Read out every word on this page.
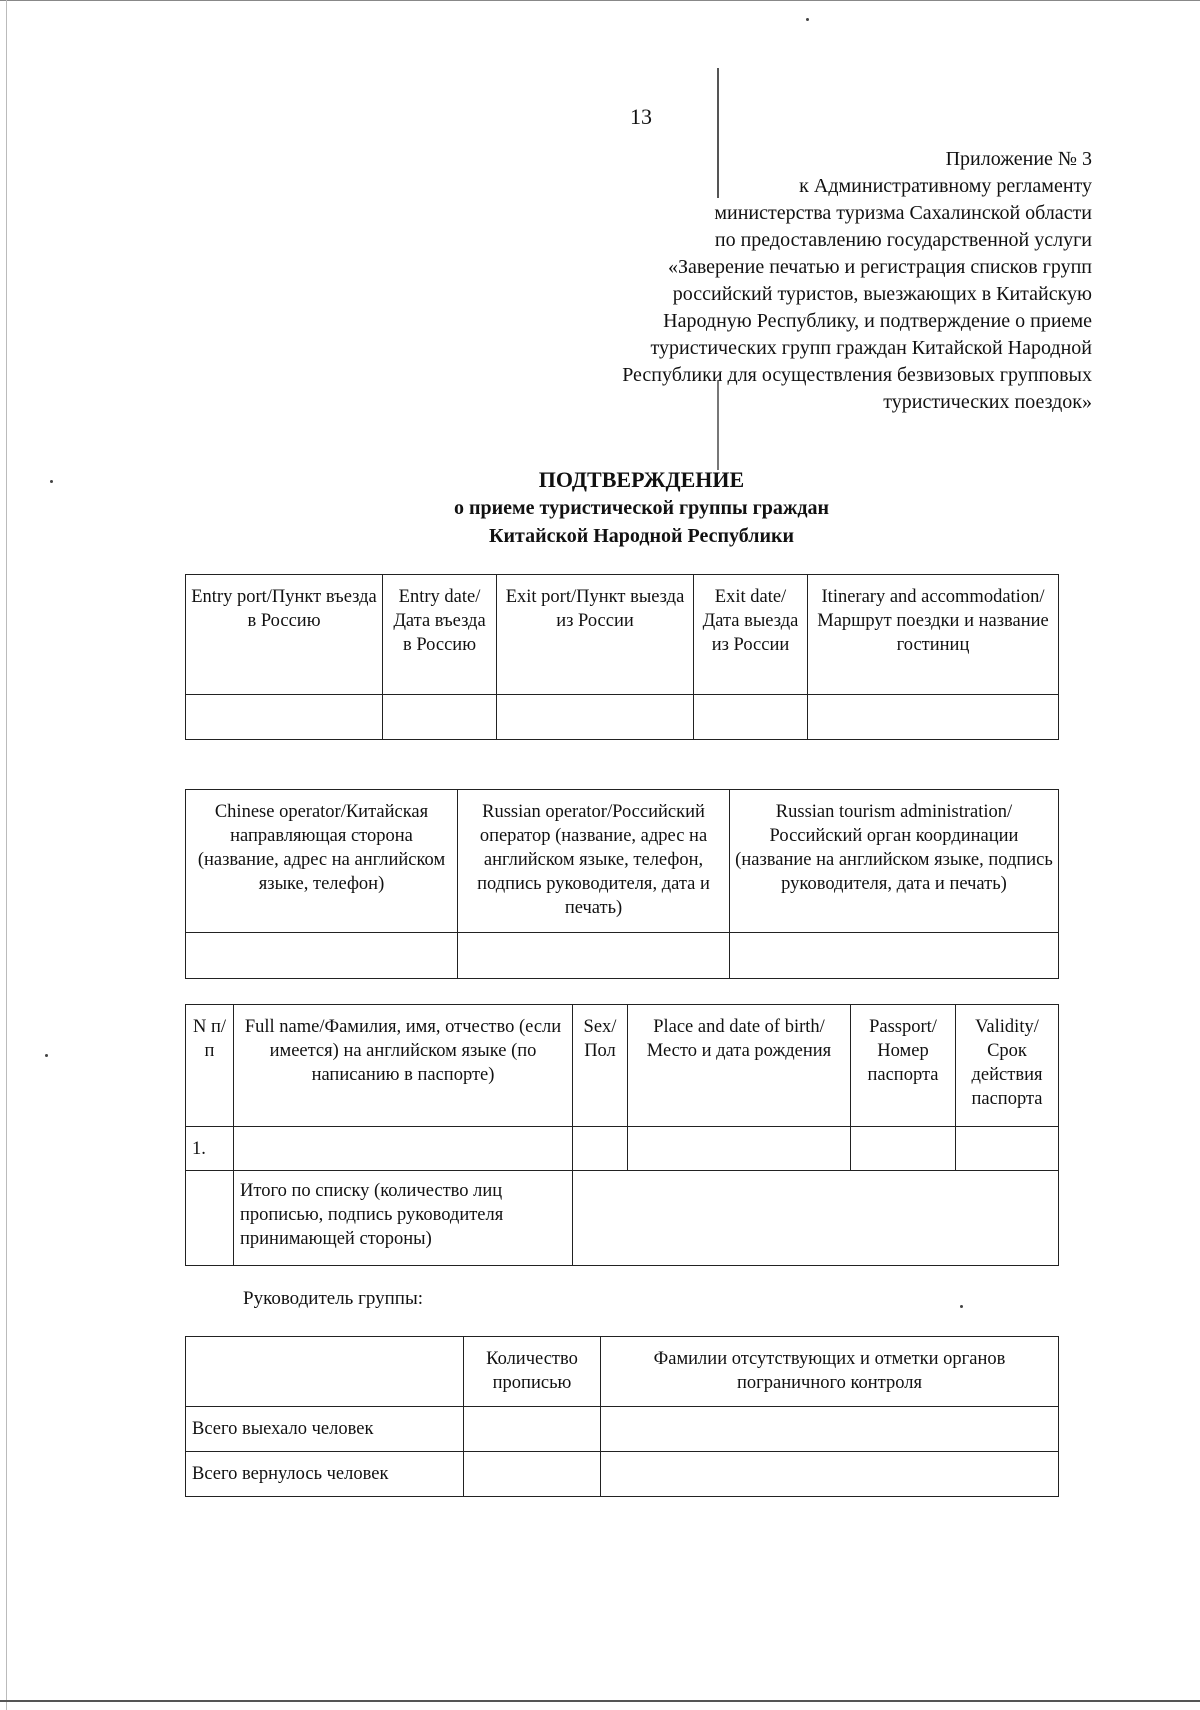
13
Приложение № 3
к Административному регламенту
министерства туризма Сахалинской области
по предоставлению государственной услуги
«Заверение печатью и регистрация списков групп
российский туристов, выезжающих в Китайскую
Народную Республику, и подтверждение о приеме
туристических групп граждан Китайской Народной
Республики для осуществления безвизовых групповых
туристических поездок»
ПОДТВЕРЖДЕНИЕ
о приеме туристической группы граждан
Китайской Народной Республики
Entry port/Пункт въезда в Россию	Entry date/Дата въезда в Россию	Exit port/Пункт выезда из России	Exit date/Дата выезда из России	Itinerary and accommodation/Маршрут поездки и название гостиниц

Chinese operator/Китайская направляющая сторона (название, адрес на английском языке, телефон)	Russian operator/Российский оператор (название, адрес на английском языке, телефон, подпись руководителя, дата и печать)	Russian tourism administration/Российский орган координации (название на английском языке, подпись руководителя, дата и печать)

N п/п	Full name/Фамилия, имя, отчество (если имеется) на английском языке (по написанию в паспорте)	Sex/ Пол	Place and date of birth/Место и дата рождения	Passport/ Номер паспорта	Validity/ Срок действия паспорта
1.					
	Итого по списку (количество лиц прописью, подпись руководителя принимающей стороны)				
Руководитель группы:
	Количество прописью	Фамилии отсутствующих и отметки органов пограничного контроля
Всего выехало человек		
Всего вернулось человек		
